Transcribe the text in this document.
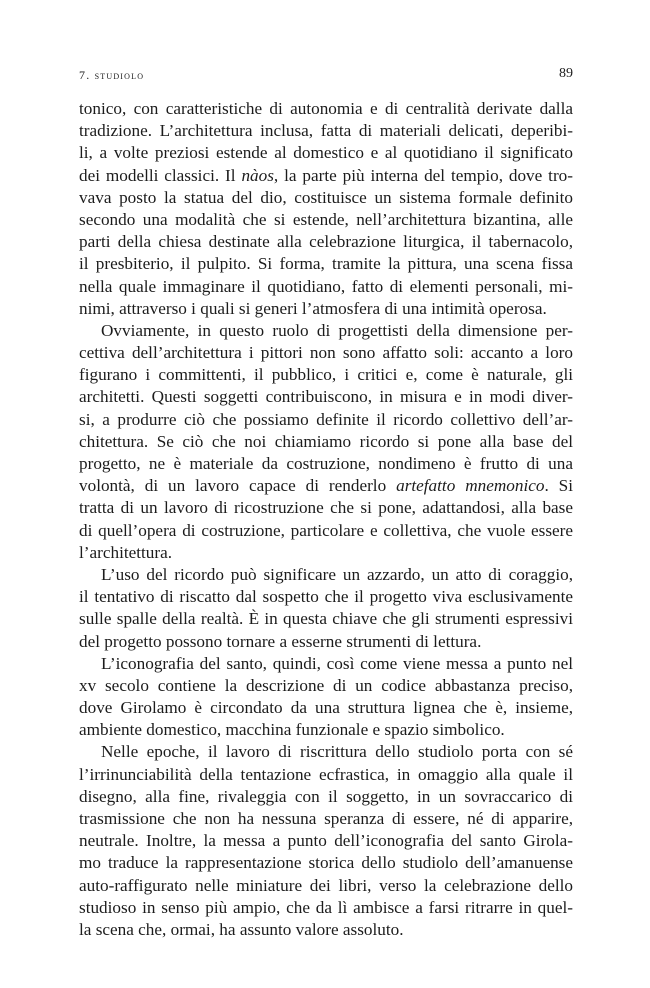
7. studiolo	89

tonico, con caratteristiche di autonomia e di centralità derivate dalla
tradizione. L’architettura inclusa, fatta di materiali delicati, deperibi-
li, a volte preziosi estende al domestico e al quotidiano il significato
dei modelli classici. Il nàos, la parte più interna del tempio, dove tro-
vava posto la statua del dio, costituisce un sistema formale definito
secondo una modalità che si estende, nell’architettura bizantina, alle
parti della chiesa destinate alla celebrazione liturgica, il tabernacolo,
il presbiterio, il pulpito. Si forma, tramite la pittura, una scena fissa
nella quale immaginare il quotidiano, fatto di elementi personali, mi-
nimi, attraverso i quali si generi l’atmosfera di una intimità operosa.

Ovviamente, in questo ruolo di progettisti della dimensione per-
cettiva dell’architettura i pittori non sono affatto soli: accanto a loro
figurano i committenti, il pubblico, i critici e, come è naturale, gli
architetti. Questi soggetti contribuiscono, in misura e in modi diver-
si, a produrre ciò che possiamo definite il ricordo collettivo dell’ar-
chitettura. Se ciò che noi chiamiamo ricordo si pone alla base del
progetto, ne è materiale da costruzione, nondimeno è frutto di una
volontà, di un lavoro capace di renderlo artefatto mnemonico. Si
tratta di un lavoro di ricostruzione che si pone, adattandosi, alla base
di quell’opera di costruzione, particolare e collettiva, che vuole essere
l’architettura.

L’uso del ricordo può significare un azzardo, un atto di coraggio,
il tentativo di riscatto dal sospetto che il progetto viva esclusivamente
sulle spalle della realtà. È in questa chiave che gli strumenti espressivi
del progetto possono tornare a esserne strumenti di lettura.

L’iconografia del santo, quindi, così come viene messa a punto nel
xv secolo contiene la descrizione di un codice abbastanza preciso,
dove Girolamo è circondato da una struttura lignea che è, insieme,
ambiente domestico, macchina funzionale e spazio simbolico.

Nelle epoche, il lavoro di riscrittura dello studiolo porta con sé
l’irrinunciabilità della tentazione ecfrastica, in omaggio alla quale il
disegno, alla fine, rivaleggia con il soggetto, in un sovraccarico di
trasmissione che non ha nessuna speranza di essere, né di apparire,
neutrale. Inoltre, la messa a punto dell’iconografia del santo Girola-
mo traduce la rappresentazione storica dello studiolo dell’amanuense
auto-raffigurato nelle miniature dei libri, verso la celebrazione dello
studioso in senso più ampio, che da lì ambisce a farsi ritrarre in quel-
la scena che, ormai, ha assunto valore assoluto.
